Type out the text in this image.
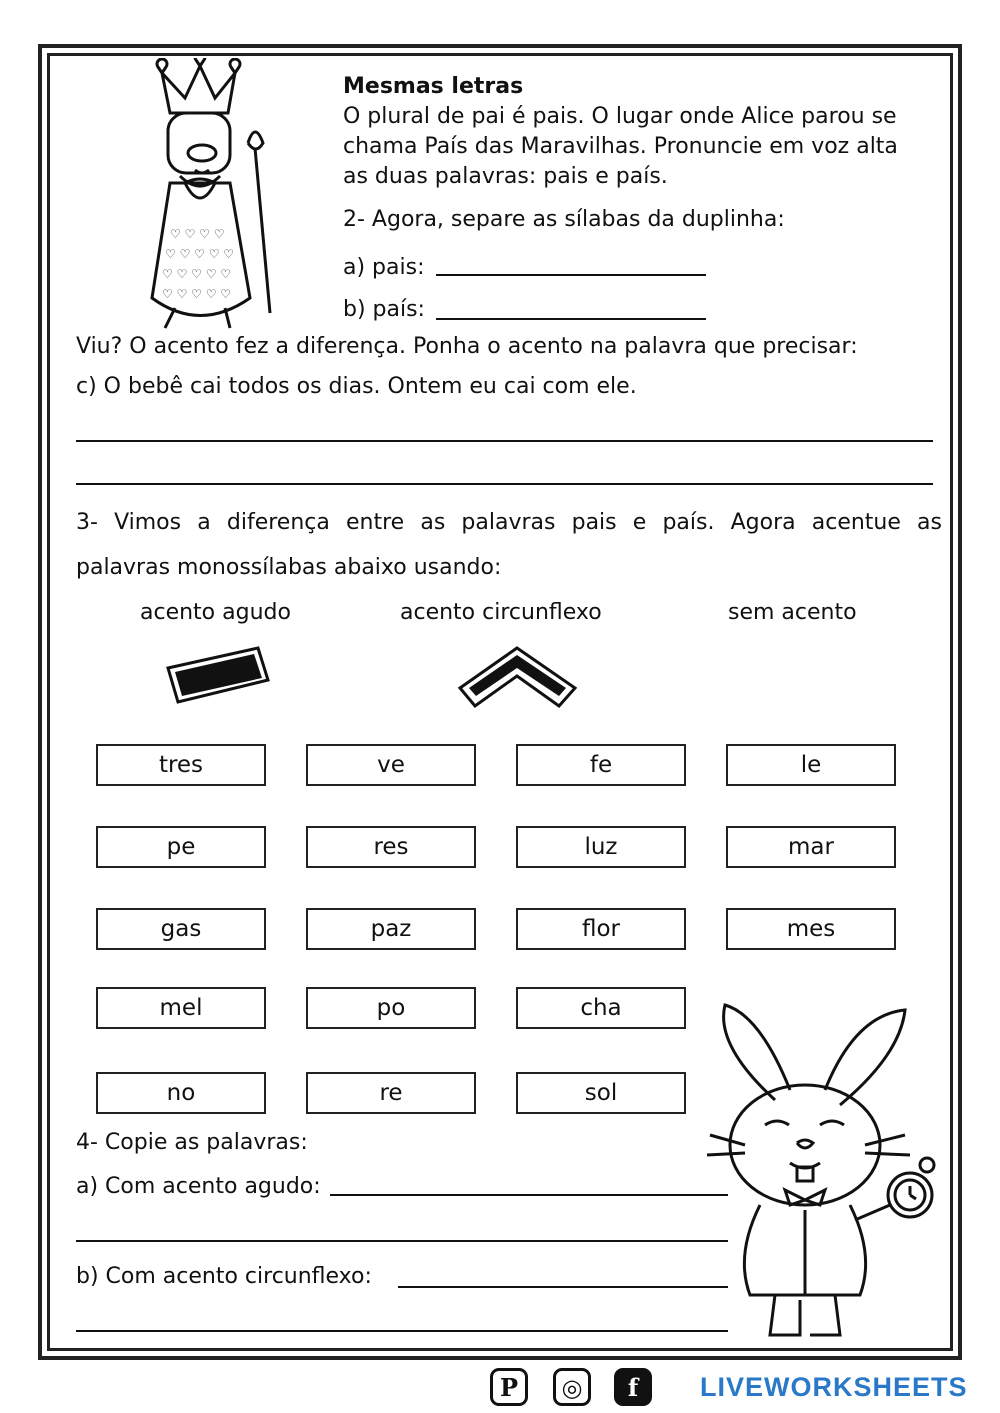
♡ ♡ ♡ ♡
♡ ♡ ♡ ♡ ♡
♡ ♡ ♡ ♡ ♡
♡ ♡ ♡ ♡ ♡
Mesmas letras
O plural de pai é pais. O lugar onde Alice parou se
chama País das Maravilhas. Pronuncie em voz alta
as duas palavras: pais e país.
2- Agora, separe as sílabas da duplinha:
a) pais:
b) país:
Viu? O acento fez a diferença. Ponha o acento na palavra que precisar:
c) O bebê cai todos os dias. Ontem eu cai com ele.
3- Vimos a diferença entre as palavras pais e país. Agora acentue as
palavras monossílabas abaixo usando:
acento agudo	acento circunflexo	sem acento
tres	ve	fe	le
pe	res	luz	mar
gas	paz	flor	mes
mel	po	cha
no	re	sol
4- Copie as palavras:
a) Com acento agudo:
b) Com acento circunflexo:
P	◎	f	LIVEWORKSHEETS
